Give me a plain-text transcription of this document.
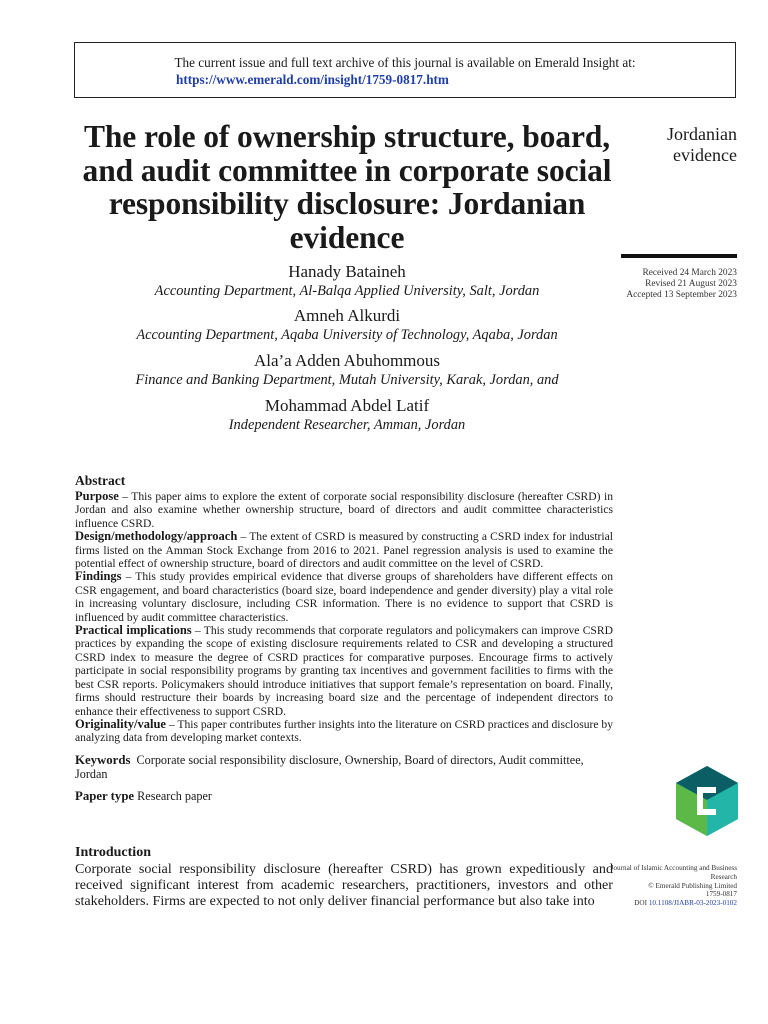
The current issue and full text archive of this journal is available on Emerald Insight at:
https://www.emerald.com/insight/1759-0817.htm
The role of ownership structure, board, and audit committee in corporate social responsibility disclosure: Jordanian evidence
Jordanian evidence
Received 24 March 2023
Revised 21 August 2023
Accepted 13 September 2023
Hanady Bataineh
Accounting Department, Al-Balqa Applied University, Salt, Jordan
Amneh Alkurdi
Accounting Department, Aqaba University of Technology, Aqaba, Jordan
Ala’a Adden Abuhommous
Finance and Banking Department, Mutah University, Karak, Jordan, and
Mohammad Abdel Latif
Independent Researcher, Amman, Jordan
Abstract

Purpose – This paper aims to explore the extent of corporate social responsibility disclosure (hereafter CSRD) in Jordan and also examine whether ownership structure, board of directors and audit committee characteristics influence CSRD.

Design/methodology/approach – The extent of CSRD is measured by constructing a CSRD index for industrial firms listed on the Amman Stock Exchange from 2016 to 2021. Panel regression analysis is used to examine the potential effect of ownership structure, board of directors and audit committee on the level of CSRD.

Findings – This study provides empirical evidence that diverse groups of shareholders have different effects on CSR engagement, and board characteristics (board size, board independence and gender diversity) play a vital role in increasing voluntary disclosure, including CSR information. There is no evidence to support that CSRD is influenced by audit committee characteristics.

Practical implications – This study recommends that corporate regulators and policymakers can improve CSRD practices by expanding the scope of existing disclosure requirements related to CSR and developing a structured CSRD index to measure the degree of CSRD practices for comparative purposes. Encourage firms to actively participate in social responsibility programs by granting tax incentives and government facilities to firms with the best CSR reports. Policymakers should introduce initiatives that support female’s representation on board. Finally, firms should restructure their boards by increasing board size and the percentage of independent directors to enhance their effectiveness to support CSRD.

Originality/value – This paper contributes further insights into the literature on CSRD practices and disclosure by analyzing data from developing market contexts.

Keywords Corporate social responsibility disclosure, Ownership, Board of directors, Audit committee, Jordan

Paper type Research paper

Introduction
Corporate social responsibility disclosure (hereafter CSRD) has grown expeditiously and received significant interest from academic researchers, practitioners, investors and other stakeholders. Firms are expected to not only deliver financial performance but also take into
Journal of Islamic Accounting and Business Research
© Emerald Publishing Limited
1759-0817
DOI 10.1108/JIABR-03-2023-0102
